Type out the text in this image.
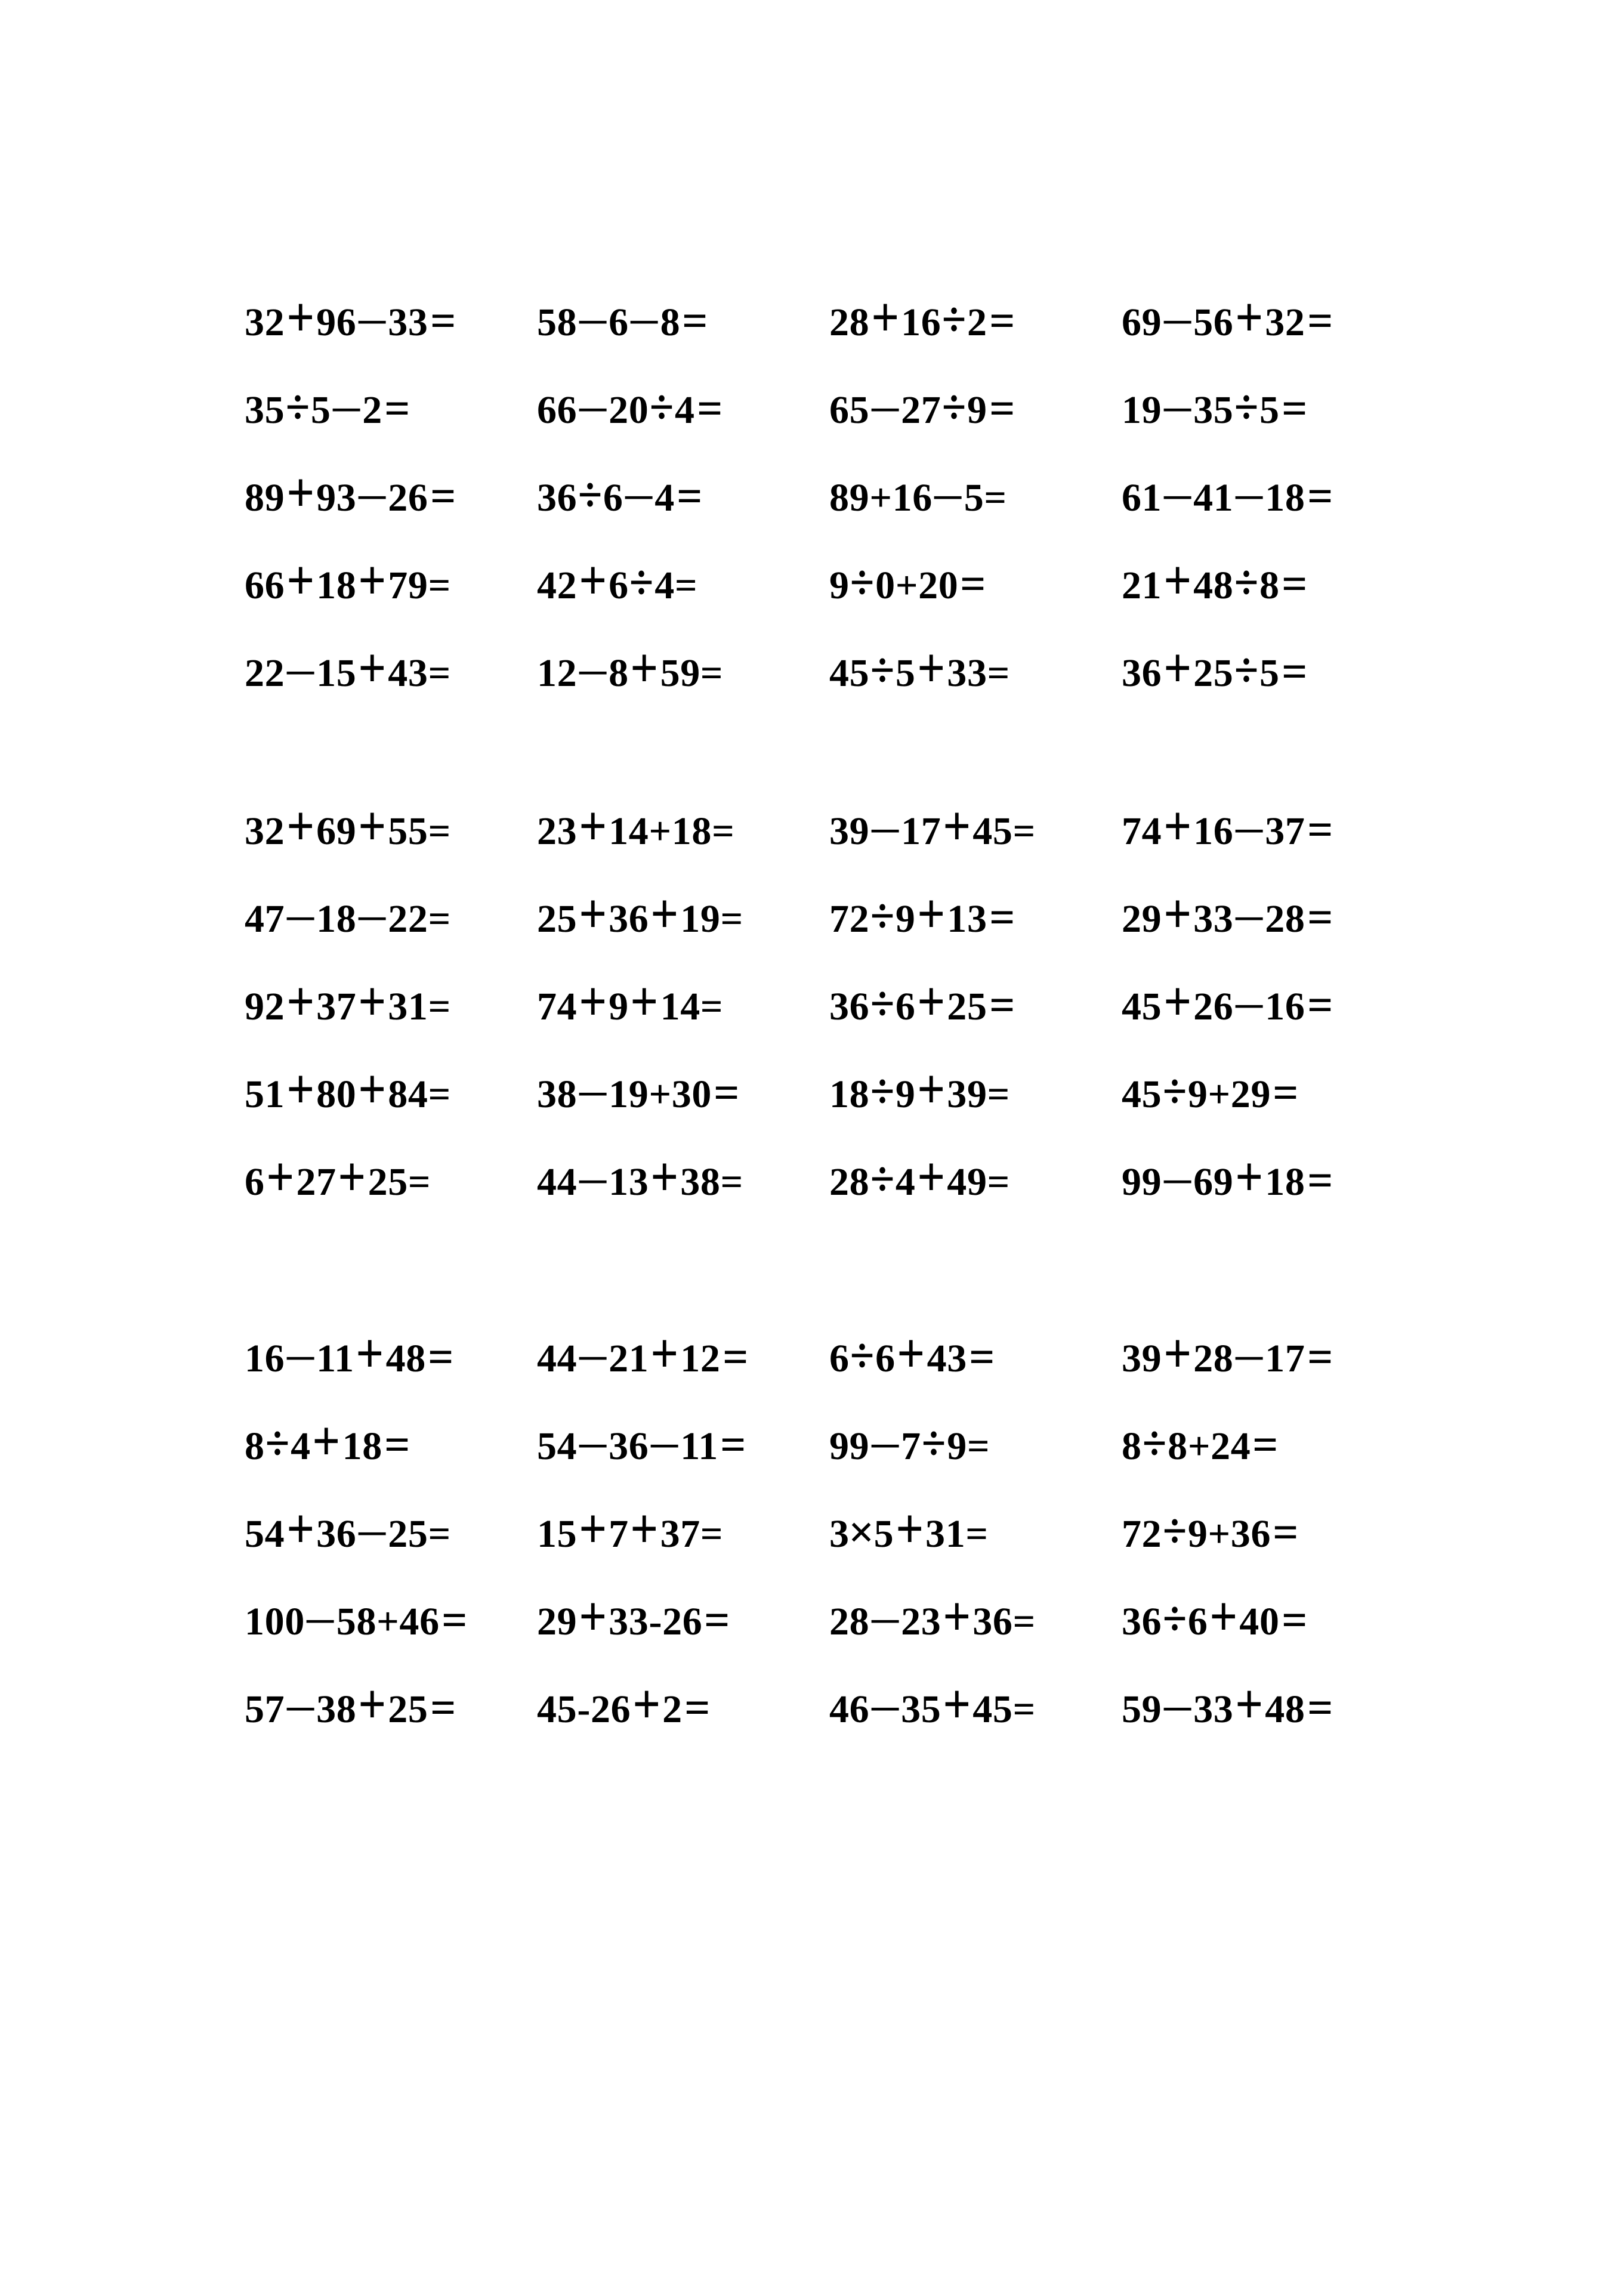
32+96−33=	58−6−8=	28+16÷2=	69−56+32=
35÷5−2=	66−20÷4=	65−27÷9=	19−35÷5=
89+93−26=	36÷6−4=	89+16−5=	61−41−18=
66+18+79=	42+6÷4=	9÷0+20=	21+48÷8=
22−15+43=	12−8+59=	45÷5+33=	36+25÷5=
32+69+55=	23+14+18=	39−17+45=	74+16−37=
47−18−22=	25+36+19=	72÷9+13=	29+33−28=
92+37+31=	74+9+14=	36÷6+25=	45+26−16=
51+80+84=	38−19+30=	18÷9+39=	45÷9+29=
6+27+25=	44−13+38=	28÷4+49=	99−69+18=
16−11+48=	44−21+12=	6÷6+43=	39+28−17=
8÷4+18=	54−36−11=	99−7÷9=	8÷8+24=
54+36−25=	15+7+37=	3×5+31=	72÷9+36=
100−58+46=	29+33-26=	28−23+36=	36÷6+40=
57−38+25=	45-26+2=	46−35+45=	59−33+48=
